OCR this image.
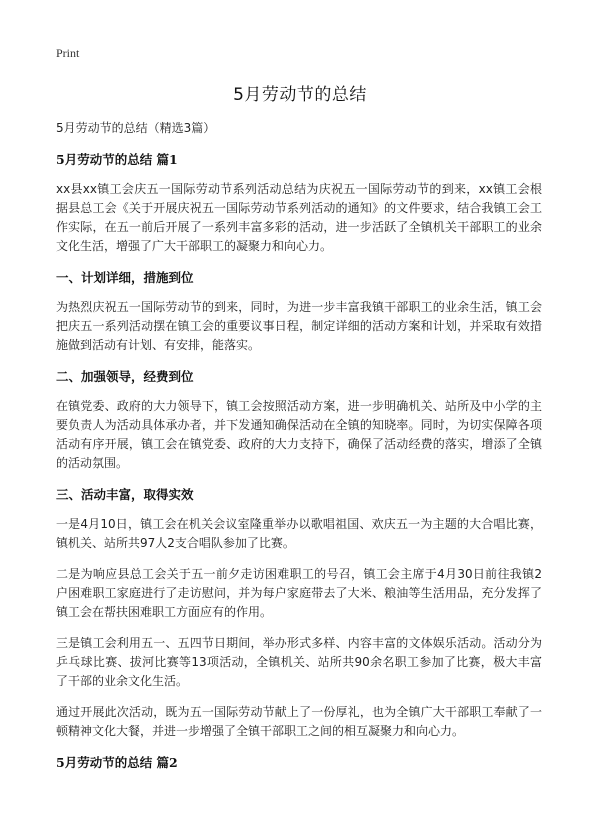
Print
5月劳动节的总结

5月劳动节的总结（精选3篇）

5月劳动节的总结 篇1

xx县xx镇工会庆五一国际劳动节系列活动总结为庆祝五一国际劳动节的到来，xx镇工会根据县总工会《关于开展庆祝五一国际劳动节系列活动的通知》的文件要求，结合我镇工会工作实际，在五一前后开展了一系列丰富多彩的活动，进一步活跃了全镇机关干部职工的业余文化生活，增强了广大干部职工的凝聚力和向心力。

一、计划详细，措施到位

为热烈庆祝五一国际劳动节的到来，同时，为进一步丰富我镇干部职工的业余生活，镇工会把庆五一系列活动摆在镇工会的重要议事日程，制定详细的活动方案和计划，并采取有效措施做到活动有计划、有安排，能落实。

二、加强领导，经费到位

在镇党委、政府的大力领导下，镇工会按照活动方案，进一步明确机关、站所及中小学的主要负责人为活动具体承办者，并下发通知确保活动在全镇的知晓率。同时，为切实保障各项活动有序开展，镇工会在镇党委、政府的大力支持下，确保了活动经费的落实，增添了全镇的活动氛围。

三、活动丰富，取得实效

一是4月10日，镇工会在机关会议室隆重举办以歌唱祖国、欢庆五一为主题的大合唱比赛，镇机关、站所共97人2支合唱队参加了比赛。

二是为响应县总工会关于五一前夕走访困难职工的号召，镇工会主席于4月30日前往我镇2户困难职工家庭进行了走访慰问，并为每户家庭带去了大米、粮油等生活用品，充分发挥了镇工会在帮扶困难职工方面应有的作用。

三是镇工会利用五一、五四节日期间，举办形式多样、内容丰富的文体娱乐活动。活动分为乒乓球比赛、拔河比赛等13项活动，全镇机关、站所共90余名职工参加了比赛，极大丰富了干部的业余文化生活。

通过开展此次活动，既为五一国际劳动节献上了一份厚礼，也为全镇广大干部职工奉献了一顿精神文化大餐，并进一步增强了全镇干部职工之间的相互凝聚力和向心力。

5月劳动节的总结 篇2
